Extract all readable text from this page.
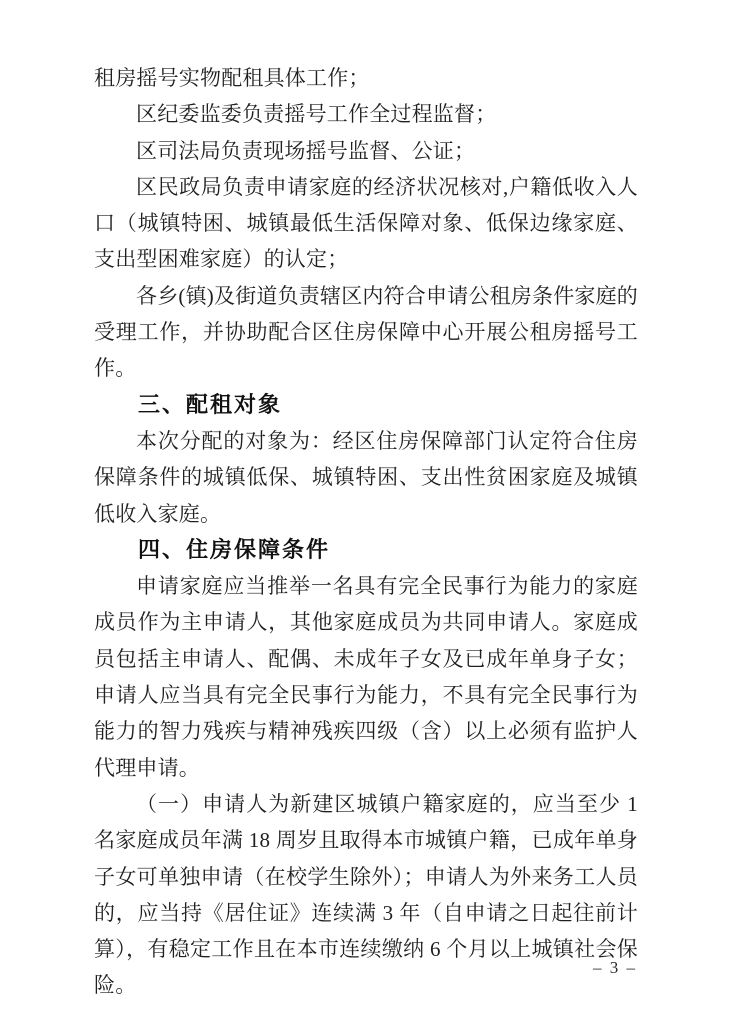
租房摇号实物配租具体工作；

区纪委监委负责摇号工作全过程监督；

区司法局负责现场摇号监督、公证；

区民政局负责申请家庭的经济状况核对,户籍低收入人口（城镇特困、城镇最低生活保障对象、低保边缘家庭、支出型困难家庭）的认定；

各乡(镇)及街道负责辖区内符合申请公租房条件家庭的受理工作，并协助配合区住房保障中心开展公租房摇号工作。

三、配租对象

本次分配的对象为：经区住房保障部门认定符合住房保障条件的城镇低保、城镇特困、支出性贫困家庭及城镇低收入家庭。

四、住房保障条件

申请家庭应当推举一名具有完全民事行为能力的家庭成员作为主申请人，其他家庭成员为共同申请人。家庭成员包括主申请人、配偶、未成年子女及已成年单身子女；申请人应当具有完全民事行为能力，不具有完全民事行为能力的智力残疾与精神残疾四级（含）以上必须有监护人代理申请。

（一）申请人为新建区城镇户籍家庭的，应当至少 1名家庭成员年满 18 周岁且取得本市城镇户籍，已成年单身子女可单独申请（在校学生除外）；申请人为外来务工人员的，应当持《居住证》连续满 3 年（自申请之日起往前计算），有稳定工作且在本市连续缴纳 6 个月以上城镇社会保险。

– 3 –
